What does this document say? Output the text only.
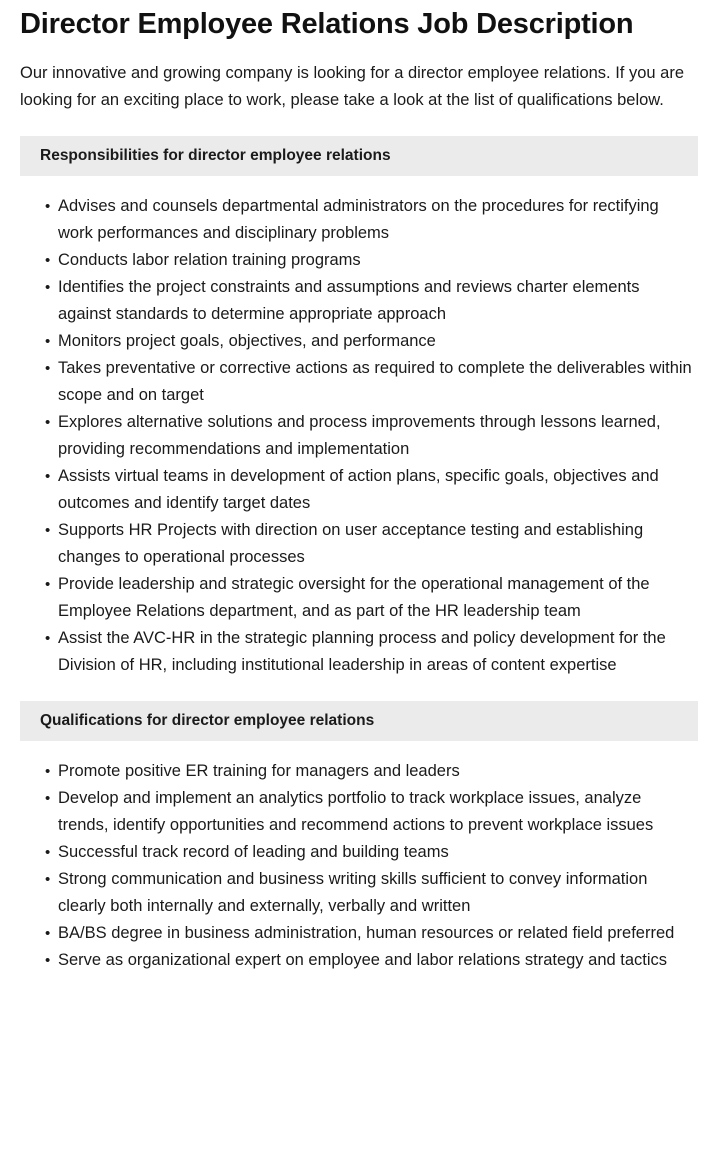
Director Employee Relations Job Description

Our innovative and growing company is looking for a director employee relations. If you are looking for an exciting place to work, please take a look at the list of qualifications below.

Responsibilities for director employee relations
• Advises and counsels departmental administrators on the procedures for rectifying work performances and disciplinary problems
• Conducts labor relation training programs
• Identifies the project constraints and assumptions and reviews charter elements against standards to determine appropriate approach
• Monitors project goals, objectives, and performance
• Takes preventative or corrective actions as required to complete the deliverables within scope and on target
• Explores alternative solutions and process improvements through lessons learned, providing recommendations and implementation
• Assists virtual teams in development of action plans, specific goals, objectives and outcomes and identify target dates
• Supports HR Projects with direction on user acceptance testing and establishing changes to operational processes
• Provide leadership and strategic oversight for the operational management of the Employee Relations department, and as part of the HR leadership team
• Assist the AVC-HR in the strategic planning process and policy development for the Division of HR, including institutional leadership in areas of content expertise
Qualifications for director employee relations
• Promote positive ER training for managers and leaders
• Develop and implement an analytics portfolio to track workplace issues, analyze trends, identify opportunities and recommend actions to prevent workplace issues
• Successful track record of leading and building teams
• Strong communication and business writing skills sufficient to convey information clearly both internally and externally, verbally and written
• BA/BS degree in business administration, human resources or related field preferred
• Serve as organizational expert on employee and labor relations strategy and tactics
